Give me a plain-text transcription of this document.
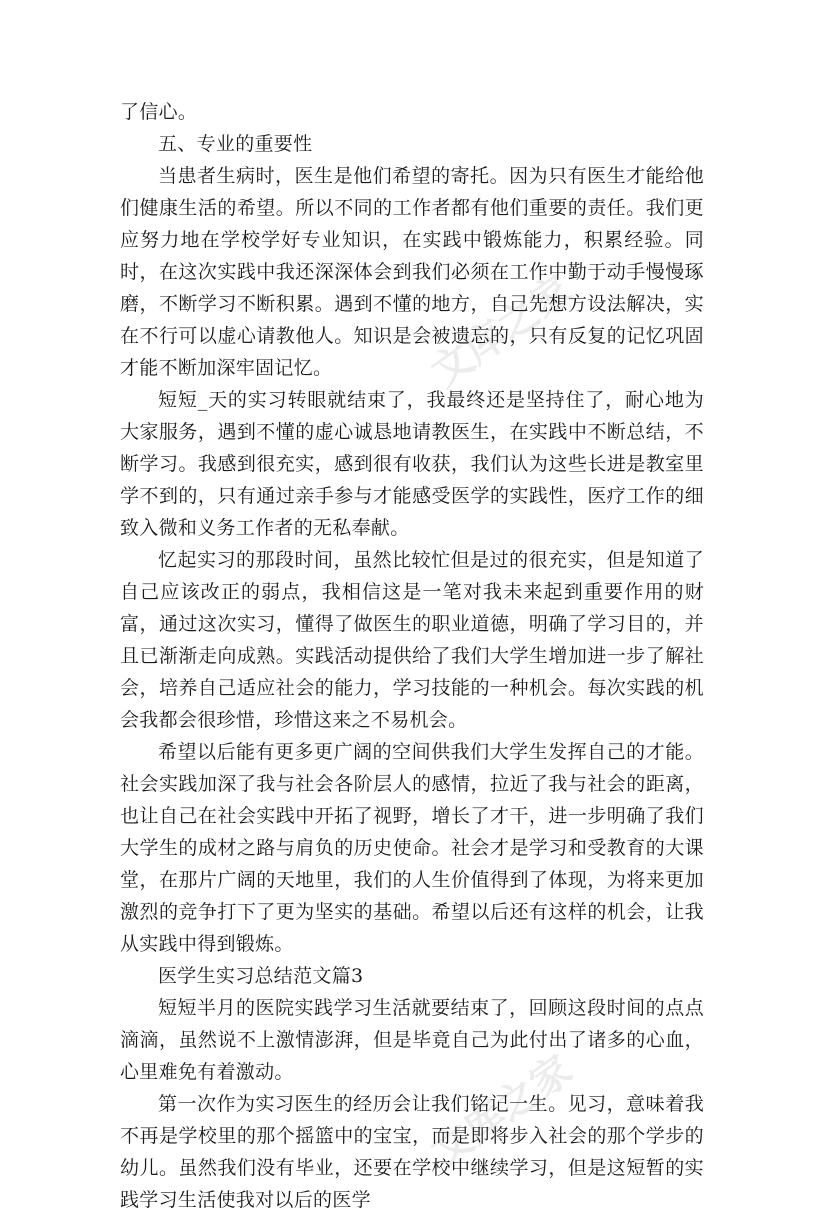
了信心。

五、专业的重要性

当患者生病时，医生是他们希望的寄托。因为只有医生才能给他们健康生活的希望。所以不同的工作者都有他们重要的责任。我们更应努力地在学校学好专业知识，在实践中锻炼能力，积累经验。同时，在这次实践中我还深深体会到我们必须在工作中勤于动手慢慢琢磨，不断学习不断积累。遇到不懂的地方，自己先想方设法解决，实在不行可以虚心请教他人。知识是会被遗忘的，只有反复的记忆巩固才能不断加深牢固记忆。

短短_天的实习转眼就结束了，我最终还是坚持住了，耐心地为大家服务，遇到不懂的虚心诚恳地请教医生，在实践中不断总结，不断学习。我感到很充实，感到很有收获，我们认为这些长进是教室里学不到的，只有通过亲手参与才能感受医学的实践性，医疗工作的细致入微和义务工作者的无私奉献。

忆起实习的那段时间，虽然比较忙但是过的很充实，但是知道了自己应该改正的弱点，我相信这是一笔对我未来起到重要作用的财富，通过这次实习，懂得了做医生的职业道德，明确了学习目的，并且已渐渐走向成熟。实践活动提供给了我们大学生增加进一步了解社会，培养自己适应社会的能力，学习技能的一种机会。每次实践的机会我都会很珍惜，珍惜这来之不易机会。

希望以后能有更多更广阔的空间供我们大学生发挥自己的才能。社会实践加深了我与社会各阶层人的感情，拉近了我与社会的距离，也让自己在社会实践中开拓了视野，增长了才干，进一步明确了我们大学生的成材之路与肩负的历史使命。社会才是学习和受教育的大课堂，在那片广阔的天地里，我们的人生价值得到了体现，为将来更加激烈的竞争打下了更为坚实的基础。希望以后还有这样的机会，让我从实践中得到锻炼。

医学生实习总结范文篇3

短短半月的医院实践学习生活就要结束了，回顾这段时间的点点滴滴，虽然说不上激情澎湃，但是毕竟自己为此付出了诸多的心血，心里难免有着激动。

第一次作为实习医生的经历会让我们铭记一生。见习，意味着我不再是学校里的那个摇篮中的宝宝，而是即将步入社会的那个学步的幼儿。虽然我们没有毕业，还要在学校中继续学习，但是这短暂的实践学习生活使我对以后的医学

文库之家
文库之家
